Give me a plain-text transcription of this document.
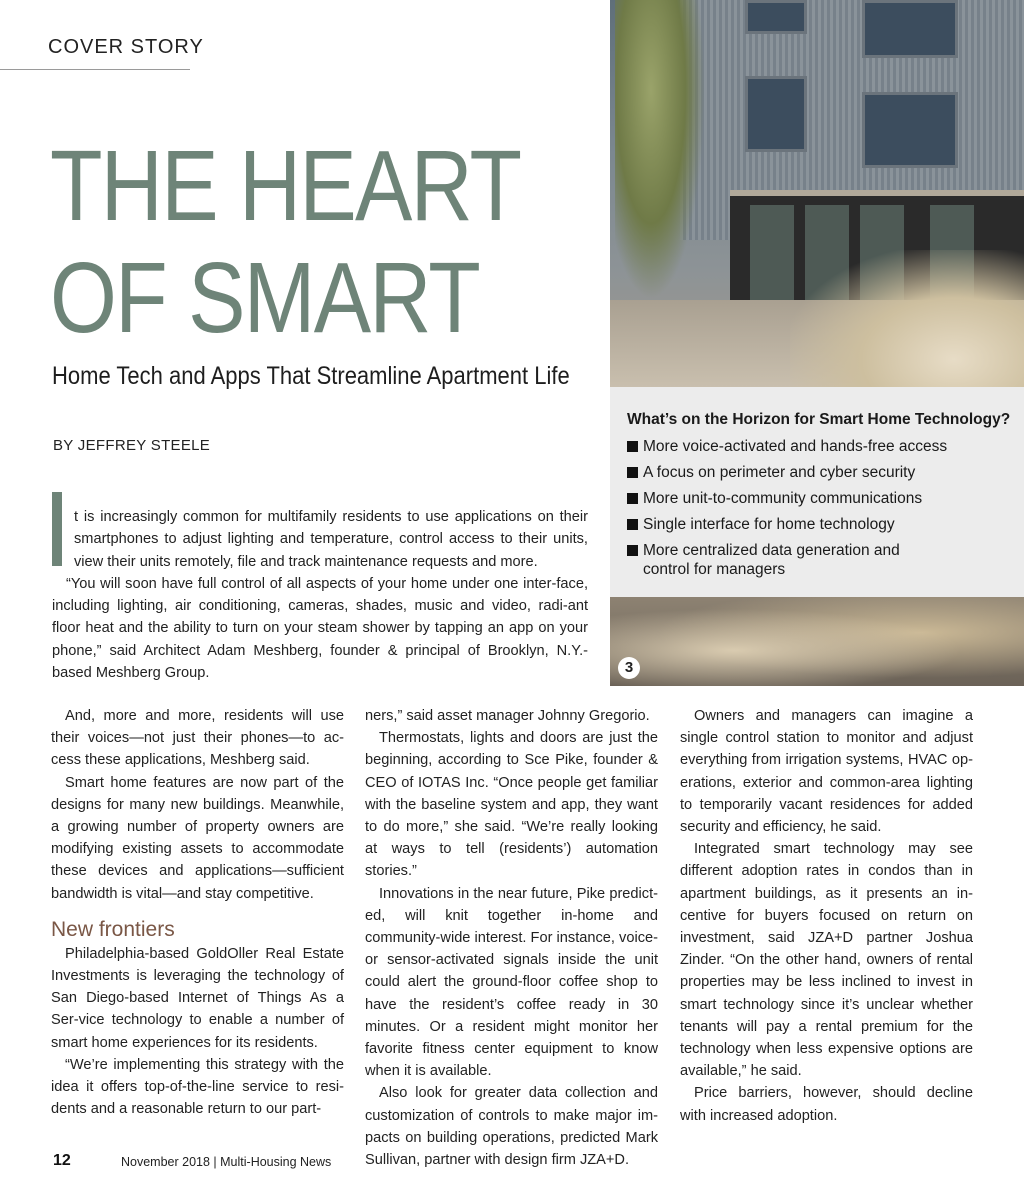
COVER STORY
THE HEART
OF SMART
Home Tech and Apps That Streamline Apartment Life
BY JEFFREY STEELE

t is increasingly common for multifamily residents to use applications on their smartphones to adjust lighting and temperature, control access to their units, view their units remotely, file and track maintenance requests and more.

“You will soon have full control of all aspects of your home under one inter-face, including lighting, air conditioning, cameras, shades, music and video, radi-ant floor heat and the ability to turn on your steam shower by tapping an app on your phone,” said Architect Adam Meshberg, founder & principal of Brooklyn, N.Y.-based Meshberg Group.

What’s on the Horizon for Smart Home Technology?
More voice-activated and hands-free access
A focus on perimeter and cyber security
More unit-to-community communications
Single interface for home technology
More centralized data generation and control for managers
3

And, more and more, residents will use their voices—not just their phones—to ac-cess these applications, Meshberg said.

Smart home features are now part of the designs for many new buildings. Meanwhile, a growing number of property owners are modifying existing assets to accommodate these devices and applications—sufficient bandwidth is vital—and stay competitive.

New frontiers

Philadelphia-based GoldOller Real Estate Investments is leveraging the technology of San Diego-based Internet of Things As a Ser-vice technology to enable a number of smart home experiences for its residents.

“We’re implementing this strategy with the idea it offers top-of-the-line service to resi-dents and a reasonable return to our part-

ners,” said asset manager Johnny Gregorio.

Thermostats, lights and doors are just the beginning, according to Sce Pike, founder & CEO of IOTAS Inc. “Once people get familiar with the baseline system and app, they want to do more,” she said. “We’re really looking at ways to tell (residents’) automation stories.”

Innovations in the near future, Pike predict-ed, will knit together in-home and community-wide interest. For instance, voice- or sensor-activated signals inside the unit could alert the ground-floor coffee shop to have the resident’s coffee ready in 30 minutes. Or a resident might monitor her favorite fitness center equipment to know when it is available.

Also look for greater data collection and customization of controls to make major im-pacts on building operations, predicted Mark Sullivan, partner with design firm JZA+D.

Owners and managers can imagine a single control station to monitor and adjust everything from irrigation systems, HVAC op-erations, exterior and common-area lighting to temporarily vacant residences for added security and efficiency, he said.

Integrated smart technology may see different adoption rates in condos than in apartment buildings, as it presents an in-centive for buyers focused on return on investment, said JZA+D partner Joshua Zinder. “On the other hand, owners of rental properties may be less inclined to invest in smart technology since it’s unclear whether tenants will pay a rental premium for the technology when less expensive options are available,” he said.

Price barriers, however, should decline with increased adoption.

12	November 2018 | Multi-Housing News
